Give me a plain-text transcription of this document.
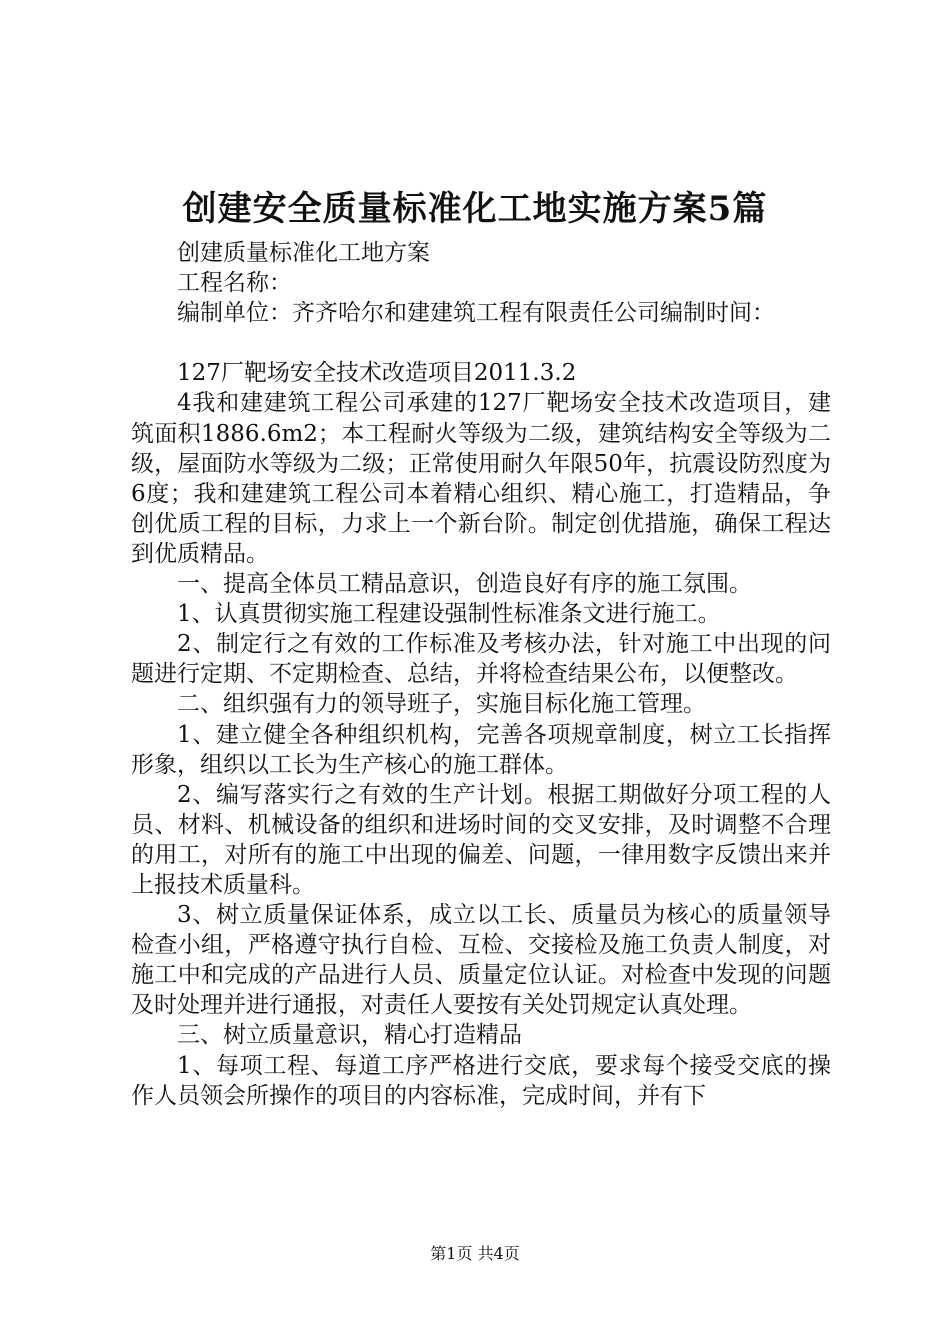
创建安全质量标准化工地实施方案5篇

创建质量标准化工地方案

工程名称：

编制单位：齐齐哈尔和建建筑工程有限责任公司编制时间：

127厂靶场安全技术改造项目2011.3.2

4我和建建筑工程公司承建的127厂靶场安全技术改造项目，建筑面积1886.6m2；本工程耐火等级为二级，建筑结构安全等级为二级，屋面防水等级为二级；正常使用耐久年限50年，抗震设防烈度为6度；我和建建筑工程公司本着精心组织、精心施工，打造精品，争创优质工程的目标，力求上一个新台阶。制定创优措施，确保工程达到优质精品。

一、提高全体员工精品意识，创造良好有序的施工氛围。

1、认真贯彻实施工程建设强制性标准条文进行施工。

2、制定行之有效的工作标准及考核办法，针对施工中出现的问题进行定期、不定期检查、总结，并将检查结果公布，以便整改。

二、组织强有力的领导班子，实施目标化施工管理。

1、建立健全各种组织机构，完善各项规章制度，树立工长指挥形象，组织以工长为生产核心的施工群体。

2、编写落实行之有效的生产计划。根据工期做好分项工程的人员、材料、机械设备的组织和进场时间的交叉安排，及时调整不合理的用工，对所有的施工中出现的偏差、问题，一律用数字反馈出来并上报技术质量科。

3、树立质量保证体系，成立以工长、质量员为核心的质量领导检查小组，严格遵守执行自检、互检、交接检及施工负责人制度，对施工中和完成的产品进行人员、质量定位认证。对检查中发现的问题及时处理并进行通报，对责任人要按有关处罚规定认真处理。

三、树立质量意识，精心打造精品

1、每项工程、每道工序严格进行交底，要求每个接受交底的操作人员领会所操作的项目的内容标准，完成时间，并有下

第1页 共4页
